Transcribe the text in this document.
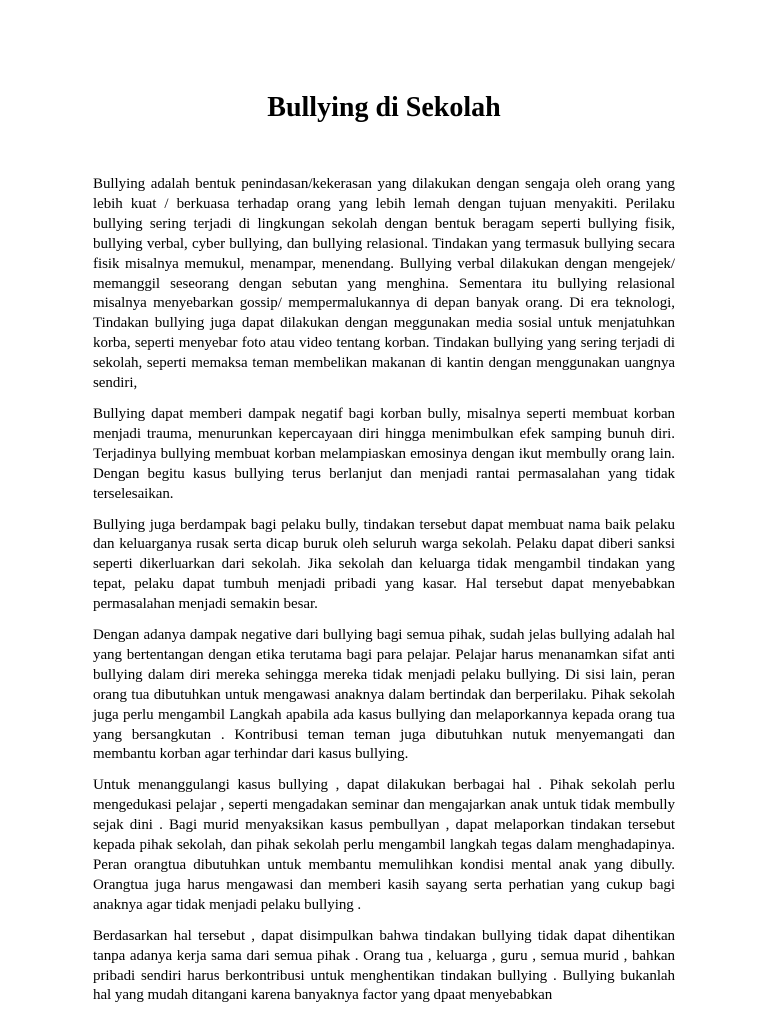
Bullying di Sekolah

Bullying adalah bentuk penindasan/kekerasan yang dilakukan dengan sengaja oleh orang yang lebih kuat / berkuasa terhadap orang yang lebih lemah dengan tujuan menyakiti. Perilaku bullying sering terjadi di lingkungan sekolah dengan bentuk beragam seperti bullying fisik, bullying verbal, cyber bullying, dan bullying relasional. Tindakan yang termasuk bullying secara fisik misalnya memukul, menampar, menendang. Bullying verbal dilakukan dengan mengejek/ memanggil seseorang dengan sebutan yang menghina. Sementara itu bullying relasional misalnya menyebarkan gossip/ mempermalukannya di depan banyak orang. Di era teknologi, Tindakan bullying juga dapat dilakukan dengan meggunakan media sosial untuk menjatuhkan korba, seperti menyebar foto atau video tentang korban. Tindakan bullying yang sering terjadi di sekolah, seperti memaksa teman membelikan makanan di kantin dengan menggunakan uangnya sendiri,

Bullying dapat memberi dampak negatif bagi korban bully, misalnya seperti membuat korban menjadi trauma, menurunkan kepercayaan diri hingga menimbulkan efek samping bunuh diri. Terjadinya bullying membuat korban melampiaskan emosinya dengan ikut membully orang lain. Dengan begitu kasus bullying terus berlanjut dan menjadi rantai permasalahan yang tidak terselesaikan.

Bullying juga berdampak bagi pelaku bully, tindakan tersebut dapat membuat nama baik pelaku dan keluarganya rusak serta dicap buruk oleh seluruh warga sekolah. Pelaku dapat diberi sanksi seperti dikerluarkan dari sekolah. Jika sekolah dan keluarga tidak mengambil tindakan yang tepat, pelaku dapat tumbuh menjadi pribadi yang kasar. Hal tersebut dapat menyebabkan permasalahan menjadi semakin besar.

Dengan adanya dampak negative dari bullying bagi semua pihak, sudah jelas bullying adalah hal yang bertentangan dengan etika terutama bagi para pelajar. Pelajar harus menanamkan sifat anti bullying dalam diri mereka sehingga mereka tidak menjadi pelaku bullying. Di sisi lain, peran orang tua dibutuhkan untuk mengawasi anaknya dalam bertindak dan berperilaku. Pihak sekolah juga perlu mengambil Langkah apabila ada kasus bullying dan melaporkannya kepada orang tua yang bersangkutan . Kontribusi teman teman juga dibutuhkan nutuk menyemangati dan membantu korban agar terhindar dari kasus bullying.

Untuk menanggulangi kasus bullying , dapat dilakukan berbagai hal . Pihak sekolah perlu mengedukasi pelajar , seperti mengadakan seminar dan mengajarkan anak untuk tidak membully sejak dini . Bagi murid menyaksikan kasus pembullyan , dapat melaporkan tindakan tersebut kepada pihak sekolah, dan pihak sekolah perlu mengambil langkah tegas dalam menghadapinya. Peran orangtua dibutuhkan untuk membantu memulihkan kondisi mental anak yang dibully. Orangtua juga harus mengawasi dan memberi kasih sayang serta perhatian yang cukup bagi anaknya agar tidak menjadi pelaku bullying .

Berdasarkan hal tersebut , dapat disimpulkan bahwa tindakan bullying tidak dapat dihentikan tanpa adanya kerja sama dari semua pihak . Orang tua , keluarga , guru , semua murid , bahkan pribadi sendiri harus berkontribusi untuk menghentikan tindakan bullying . Bullying bukanlah hal yang mudah ditangani karena banyaknya factor yang dpaat menyebabkan
